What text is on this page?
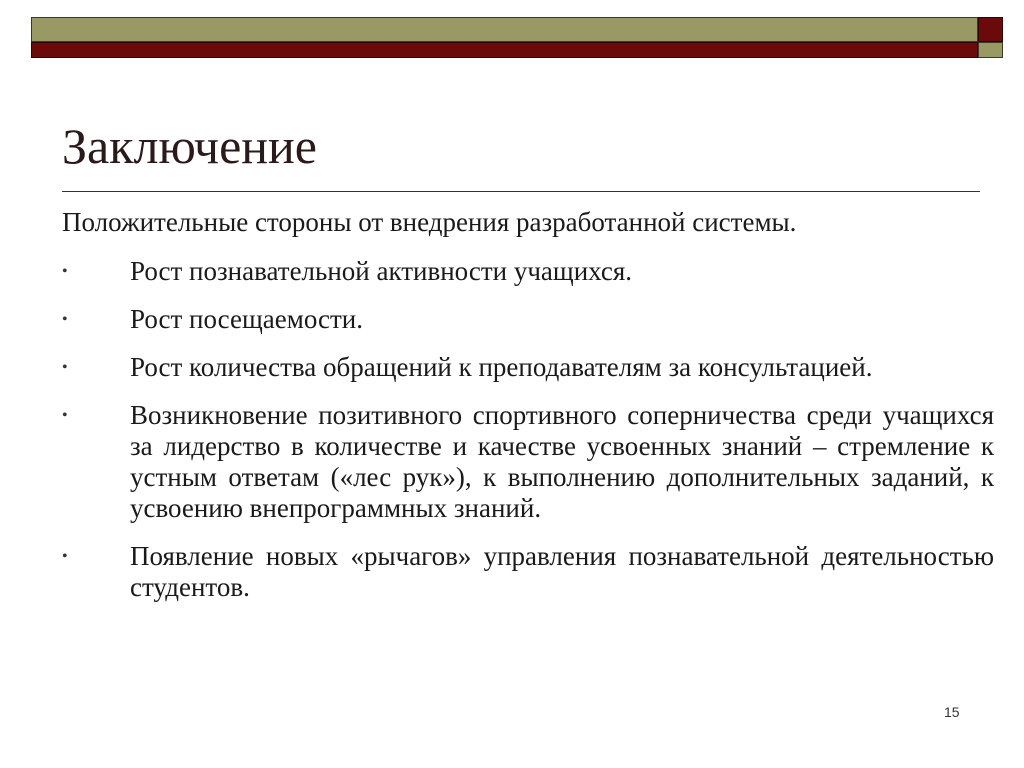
Заключение
Положительные стороны от внедрения разработанной системы.
• Рост познавательной активности учащихся.
• Рост посещаемости.
• Рост количества обращений к преподавателям за консультацией.
• Возникновение позитивного спортивного соперничества среди учащихся за лидерство в количестве и качестве усвоенных знаний – стремление к устным ответам («лес рук»), к выполнению дополнительных заданий, к усвоению внепрограммных знаний.
• Появление новых «рычагов» управления познавательной деятельностью студентов.
15
